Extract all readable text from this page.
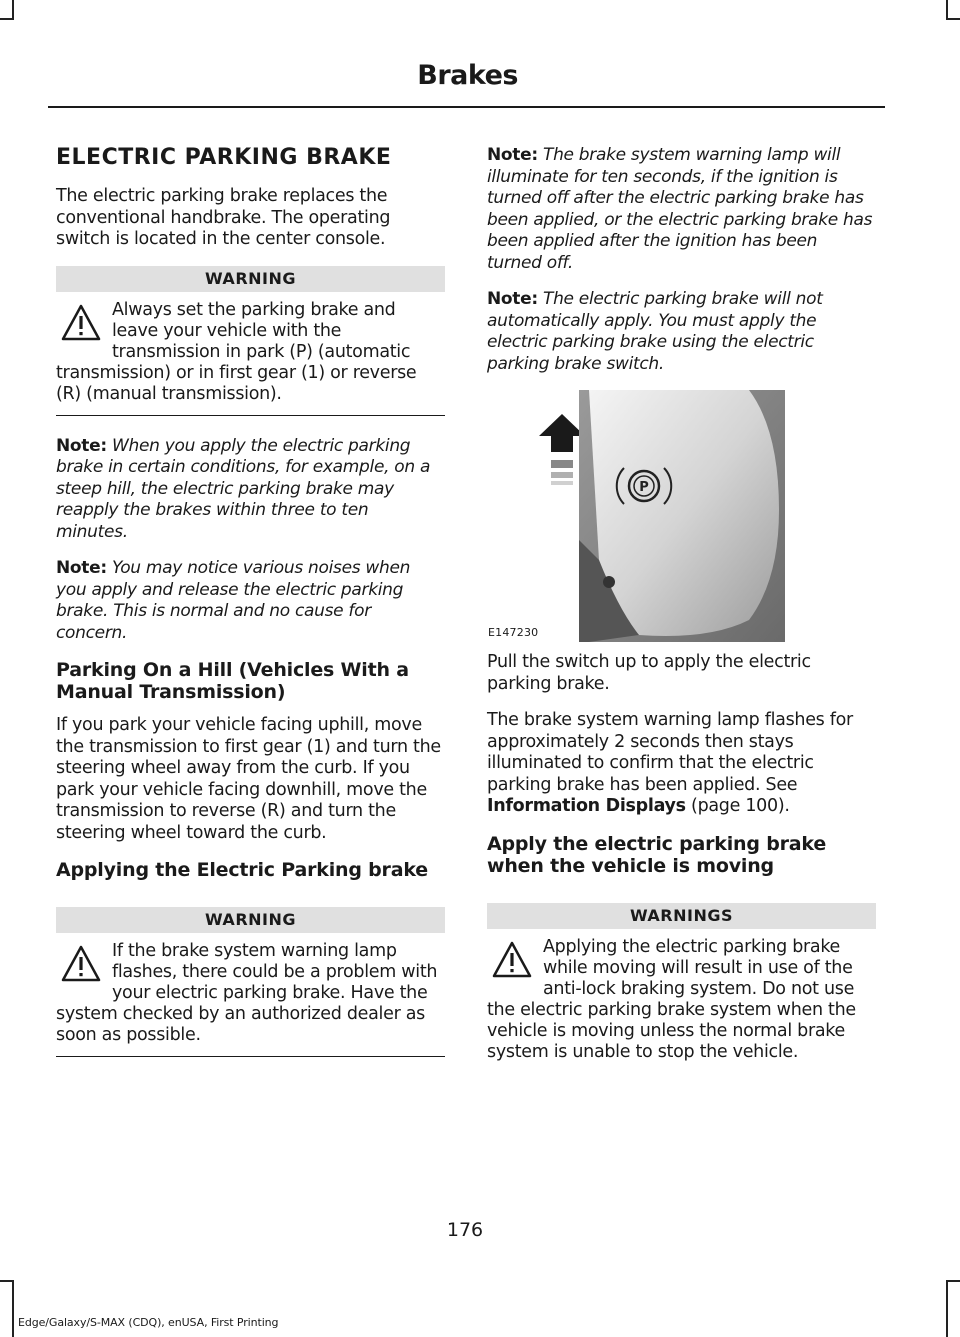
Brakes
ELECTRIC PARKING BRAKE

The electric parking brake replaces the conventional handbrake. The operating switch is located in the center console.

WARNING
Always set the parking brake and leave your vehicle with the transmission in park (P) (automatic transmission) or in first gear (1) or reverse (R) (manual transmission).

Note: When you apply the electric parking brake in certain conditions, for example, on a steep hill, the electric parking brake may reapply the brakes within three to ten minutes.

Note: You may notice various noises when you apply and release the electric parking brake. This is normal and no cause for concern.

Parking On a Hill (Vehicles With a Manual Transmission)

If you park your vehicle facing uphill, move the transmission to first gear (1) and turn the steering wheel away from the curb. If you park your vehicle facing downhill, move the transmission to reverse (R) and turn the steering wheel toward the curb.

Applying the Electric Parking brake
WARNING
If the brake system warning lamp flashes, there could be a problem with your electric parking brake. Have the system checked by an authorized dealer as soon as possible.

Note: The brake system warning lamp will illuminate for ten seconds, if the ignition is turned off after the electric parking brake has been applied, or the electric parking brake has been applied after the ignition has been turned off.

Note: The electric parking brake will not automatically apply. You must apply the electric parking brake using the electric parking brake switch.

P
E147230

Pull the switch up to apply the electric parking brake.

The brake system warning lamp flashes for approximately 2 seconds then stays illuminated to confirm that the electric parking brake has been applied. See
Information Displays (page 100).

Apply the electric parking brake when the vehicle is moving
WARNINGS
Applying the electric parking brake while moving will result in use of the anti-lock braking system. Do not use the electric parking brake system when the vehicle is moving unless the normal brake system is unable to stop the vehicle.
176
Edge/Galaxy/S-MAX (CDQ), enUSA, First Printing
